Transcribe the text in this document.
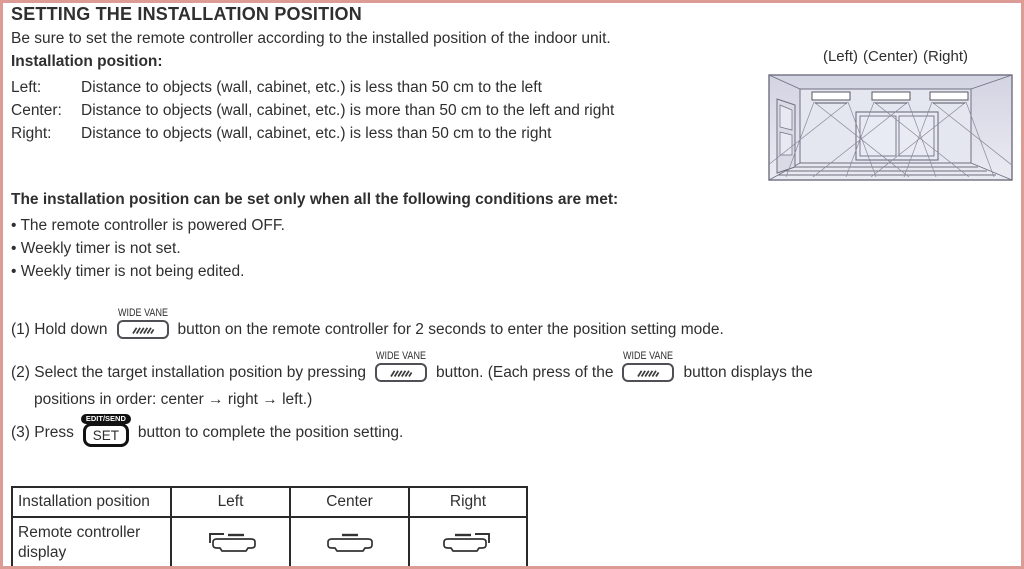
SETTING THE INSTALLATION POSITION
Be sure to set the remote controller according to the installed position of the indoor unit.
Installation position:
Left:	Distance to objects (wall, cabinet, etc.) is less than 50 cm to the left
Center:	Distance to objects (wall, cabinet, etc.) is more than 50 cm to the left and right
Right:	Distance to objects (wall, cabinet, etc.) is less than 50 cm to the right
(Left) (Center) (Right)
The installation position can be set only when all the following conditions are met:
• The remote controller is powered OFF.
• Weekly timer is not set.
• Weekly timer is not being edited.
(1) Hold down
WIDE VANE
button on the remote controller for 2 seconds to enter the position setting mode.
(2) Select the target installation position by pressing
WIDE VANE
button. (Each press of the
WIDE VANE
button displays the
positions in order: center → right → left.)
(3) Press
EDIT/SEND
SET	button to complete the position setting.
Installation position	Left	Center	Right
Remote controller display	
